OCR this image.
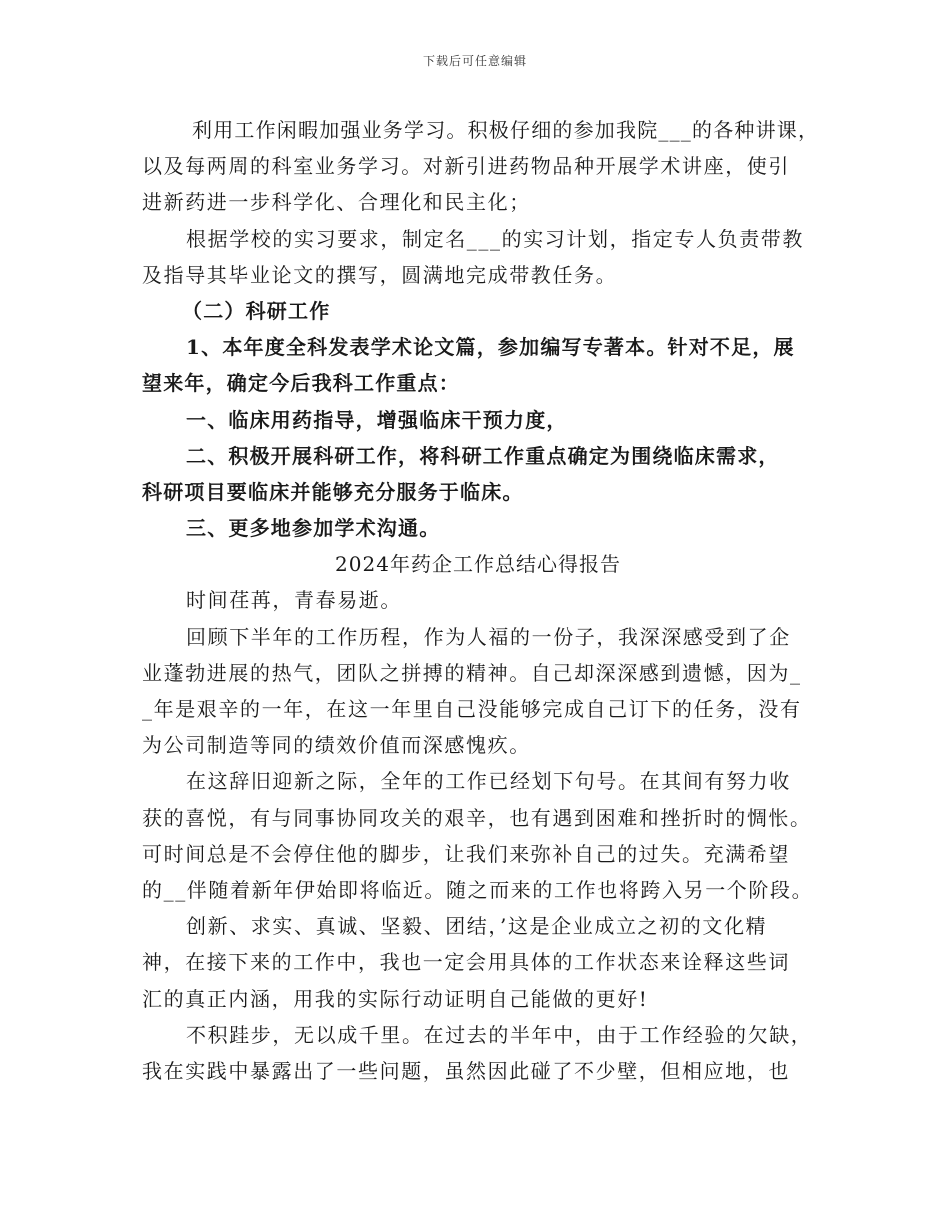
下载后可任意编辑
利用工作闲暇加强业务学习。积极仔细的参加我院___的各种讲课，
以及每两周的科室业务学习。对新引进药物品种开展学术讲座，使引
进新药进一步科学化、合理化和民主化；
根据学校的实习要求，制定名___的实习计划，指定专人负责带教
及指导其毕业论文的撰写，圆满地完成带教任务。
（二）科研工作
1、本年度全科发表学术论文篇，参加编写专著本。针对不足，展
望来年，确定今后我科工作重点：
一、临床用药指导，增强临床干预力度，
二、积极开展科研工作，将科研工作重点确定为围绕临床需求，
科研项目要临床并能够充分服务于临床。
三、更多地参加学术沟通。
2024年药企工作总结心得报告
时间荏苒，青春易逝。
回顾下半年的工作历程，作为人福的一份子，我深深感受到了企
业蓬勃进展的热气，团队之拼搏的精神。自己却深深感到遗憾，因为_
_年是艰辛的一年，在这一年里自己没能够完成自己订下的任务，没有
为公司制造等同的绩效价值而深感愧疚。
在这辞旧迎新之际，全年的工作已经划下句号。在其间有努力收
获的喜悦，有与同事协同攻关的艰辛，也有遇到困难和挫折时的惆怅。
可时间总是不会停住他的脚步，让我们来弥补自己的过失。充满希望
的__伴随着新年伊始即将临近。随之而来的工作也将跨入另一个阶段。
创新、求实、真诚、坚毅、团结，’这是企业成立之初的文化精
神，在接下来的工作中，我也一定会用具体的工作状态来诠释这些词
汇的真正内涵，用我的实际行动证明自己能做的更好!
不积跬步，无以成千里。在过去的半年中，由于工作经验的欠缺，
我在实践中暴露出了一些问题，虽然因此碰了不少壁，但相应地，也
